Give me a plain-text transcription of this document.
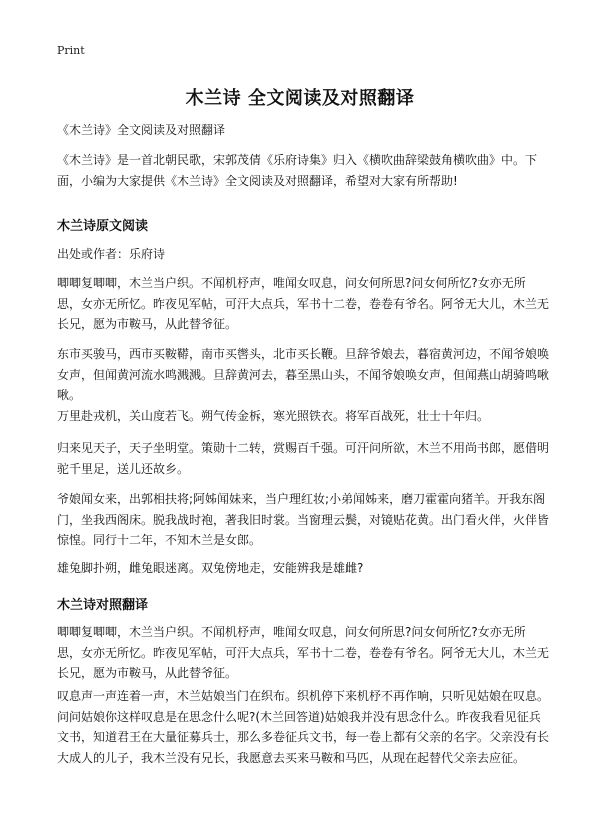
Print
木兰诗 全文阅读及对照翻译

《木兰诗》全文阅读及对照翻译

《木兰诗》是一首北朝民歌，宋郭茂倩《乐府诗集》归入《横吹曲辞梁鼓角横吹曲》中。下面，小编为大家提供《木兰诗》全文阅读及对照翻译，希望对大家有所帮助!

木兰诗原文阅读

出处或作者：乐府诗

唧唧复唧唧，木兰当户织。不闻机杼声，唯闻女叹息，问女何所思?问女何所忆?女亦无所思，女亦无所忆。昨夜见军帖，可汗大点兵，军书十二卷，卷卷有爷名。阿爷无大儿，木兰无长兄，愿为市鞍马，从此替爷征。

东市买骏马，西市买鞍鞯，南市买辔头，北市买长鞭。旦辞爷娘去，暮宿黄河边，不闻爷娘唤女声，但闻黄河流水鸣溅溅。旦辞黄河去，暮至黑山头，不闻爷娘唤女声，但闻燕山胡骑鸣啾啾。

万里赴戎机，关山度若飞。朔气传金柝，寒光照铁衣。将军百战死，壮士十年归。

归来见天子，天子坐明堂。策勋十二转，赏赐百千强。可汗问所欲，木兰不用尚书郎，愿借明驼千里足，送儿还故乡。

爷娘闻女来，出郭相扶将;阿姊闻妹来，当户理红妆;小弟闻姊来，磨刀霍霍向猪羊。开我东阁门，坐我西阁床。脱我战时袍，著我旧时裳。当窗理云鬓，对镜贴花黄。出门看火伴，火伴皆惊惶。同行十二年，不知木兰是女郎。

雄兔脚扑朔，雌兔眼迷离。双兔傍地走，安能辨我是雄雌?

木兰诗对照翻译

唧唧复唧唧，木兰当户织。不闻机杼声，唯闻女叹息，问女何所思?问女何所忆?女亦无所思，女亦无所忆。昨夜见军帖，可汗大点兵，军书十二卷，卷卷有爷名。阿爷无大儿，木兰无长兄，愿为市鞍马，从此替爷征。

叹息声一声连着一声，木兰姑娘当门在织布。织机停下来机杼不再作响，只听见姑娘在叹息。问问姑娘你这样叹息是在思念什么呢?(木兰回答道)姑娘我并没有思念什么。昨夜我看见征兵文书，知道君王在大量征募兵士，那么多卷征兵文书，每一卷上都有父亲的名字。父亲没有长大成人的儿子，我木兰没有兄长，我愿意去买来马鞍和马匹，从现在起替代父亲去应征。
